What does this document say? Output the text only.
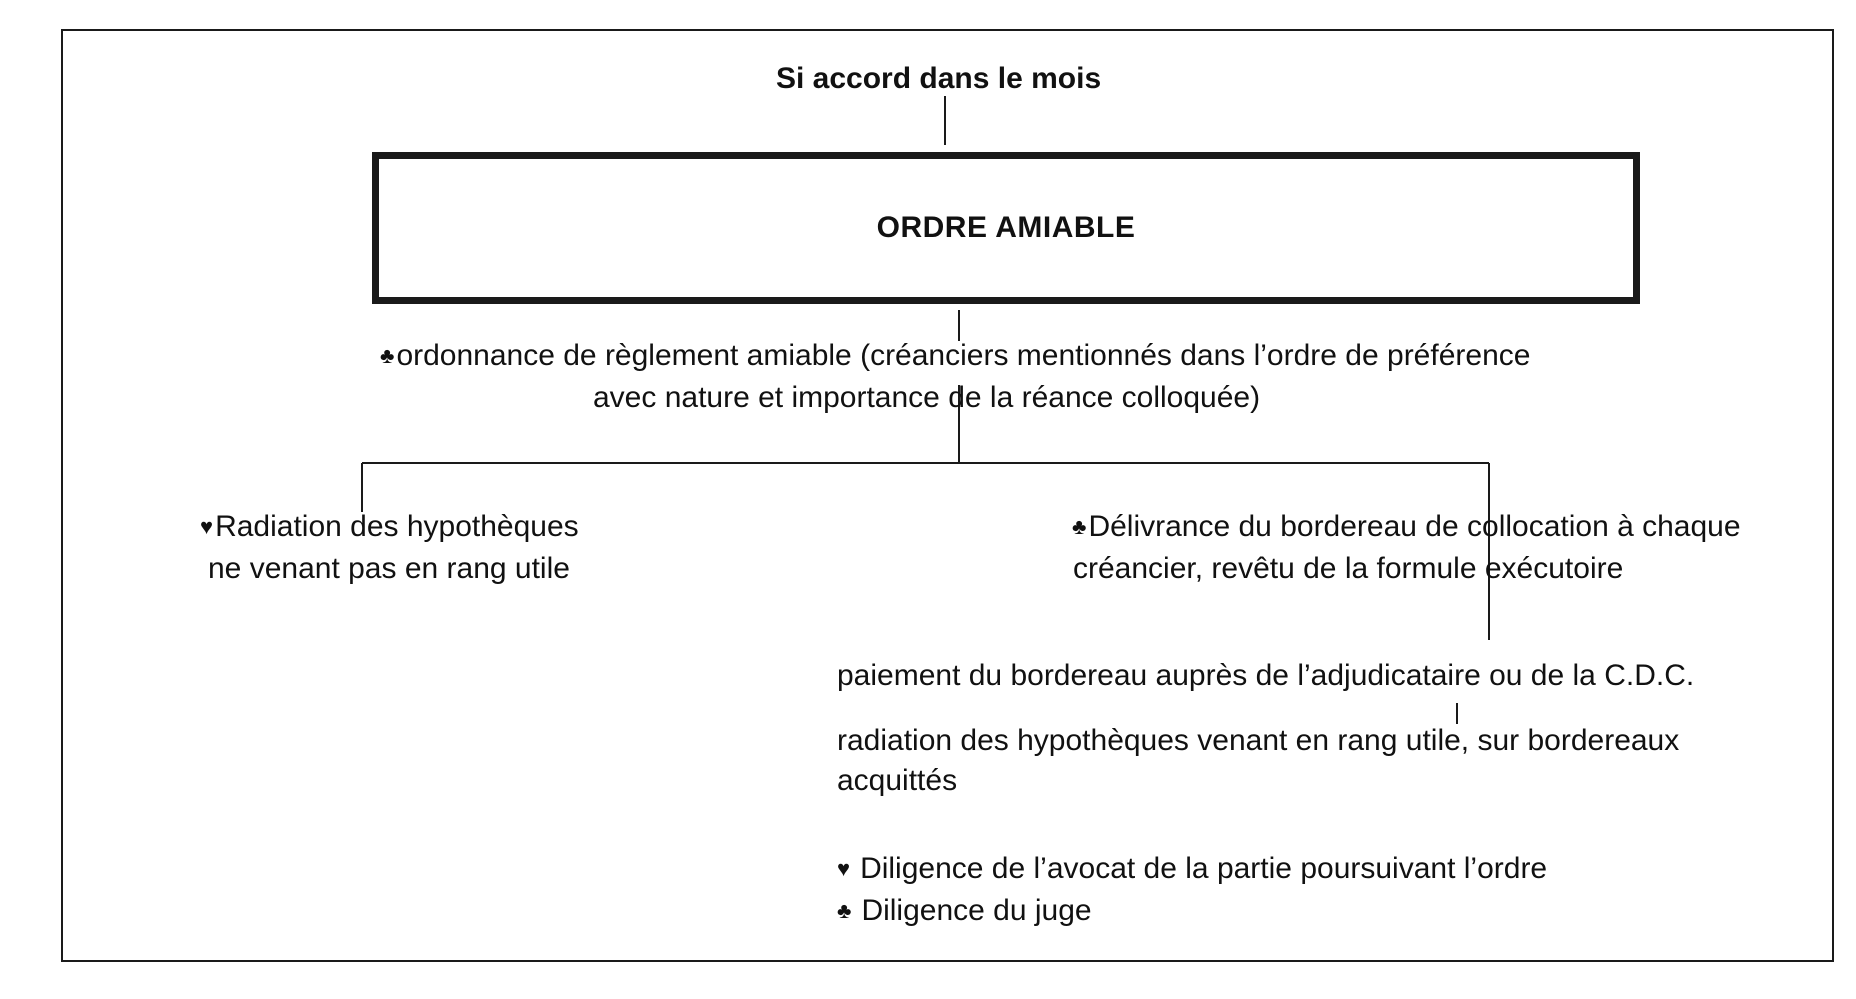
Si accord dans le mois
ORDRE AMIABLE
♣ordonnance de règlement amiable (créanciers mentionnés dans l’ordre de préférence
avec nature et importance de la réance colloquée)
♥Radiation des hypothèques
ne venant pas en rang utile
♣Délivrance du bordereau de collocation à chaque
créancier, revêtu de la formule exécutoire
paiement du bordereau auprès de l’adjudicataire ou de la C.D.C.
radiation des hypothèques venant en rang utile, sur bordereaux
acquittés
♥ Diligence de l’avocat de la partie poursuivant l’ordre
♣ Diligence du juge
